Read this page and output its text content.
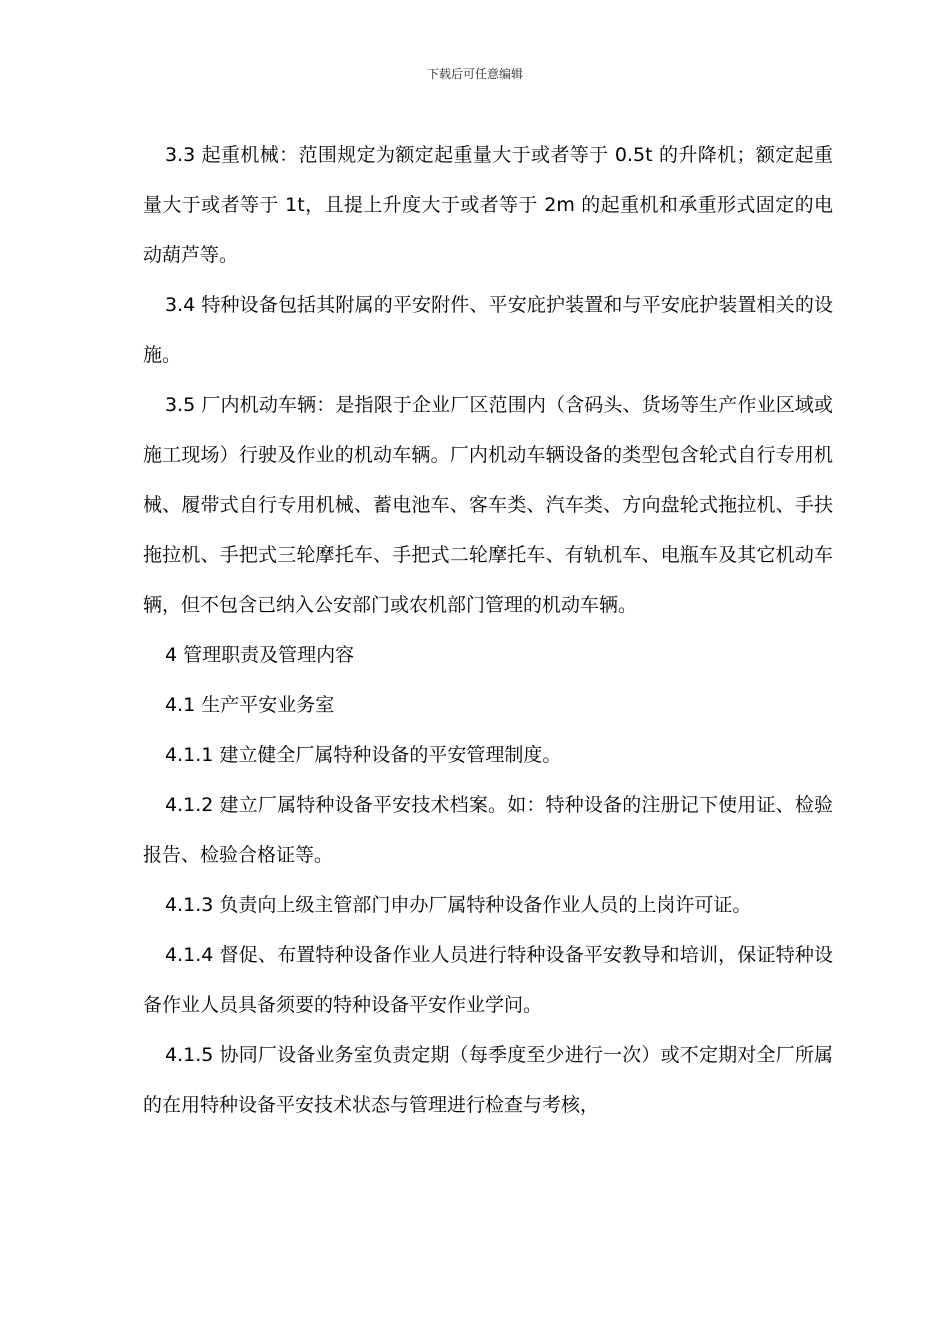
下载后可任意编辑

3.3 起重机械：范围规定为额定起重量大于或者等于 0.5t 的升降机；额定起重量大于或者等于 1t，且提上升度大于或者等于 2m 的起重机和承重形式固定的电动葫芦等。

3.4 特种设备包括其附属的平安附件、平安庇护装置和与平安庇护装置相关的设施。

3.5 厂内机动车辆：是指限于企业厂区范围内（含码头、货场等生产作业区域或施工现场）行驶及作业的机动车辆。厂内机动车辆设备的类型包含轮式自行专用机械、履带式自行专用机械、蓄电池车、客车类、汽车类、方向盘轮式拖拉机、手扶拖拉机、手把式三轮摩托车、手把式二轮摩托车、有轨机车、电瓶车及其它机动车辆，但不包含已纳入公安部门或农机部门管理的机动车辆。

4 管理职责及管理内容

4.1 生产平安业务室

4.1.1 建立健全厂属特种设备的平安管理制度。

4.1.2 建立厂属特种设备平安技术档案。如：特种设备的注册记下使用证、检验报告、检验合格证等。

4.1.3 负责向上级主管部门申办厂属特种设备作业人员的上岗许可证。

4.1.4 督促、布置特种设备作业人员进行特种设备平安教导和培训，保证特种设备作业人员具备须要的特种设备平安作业学问。

4.1.5 协同厂设备业务室负责定期（每季度至少进行一次）或不定期对全厂所属的在用特种设备平安技术状态与管理进行检查与考核，
